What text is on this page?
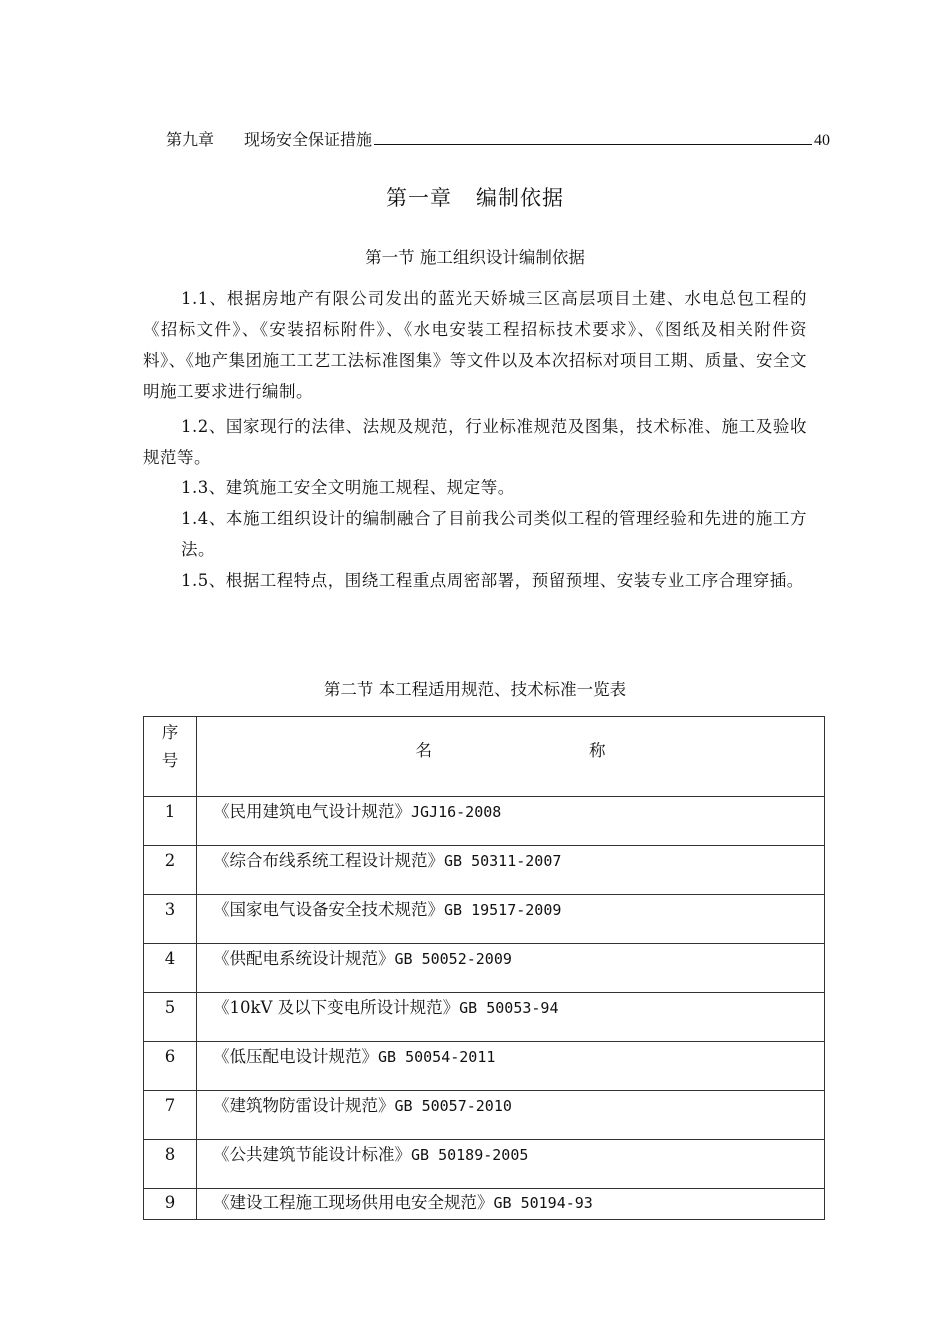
第九章 现场安全保证措施	40
第一章 编制依据
第一节 施工组织设计编制依据
1.1、根据房地产有限公司发出的蓝光天娇城三区高层项目土建、水电总包工程的《招标文件》、《安装招标附件》、《水电安装工程招标技术要求》、《图纸及相关附件资料》、《地产集团施工工艺工法标准图集》等文件以及本次招标对项目工期、质量、安全文明施工要求进行编制。
1.2、国家现行的法律、法规及规范，行业标准规范及图集，技术标准、施工及验收规范等。
1.3、建筑施工安全文明施工规程、规定等。
1.4、本施工组织设计的编制融合了目前我公司类似工程的管理经验和先进的施工方法。
1.5、根据工程特点，围绕工程重点周密部署，预留预埋、安装专业工序合理穿插。
第二节 本工程适用规范、技术标准一览表
序
号	名 称

1	《民用建筑电气设计规范》JGJ16-2008
2	《综合布线系统工程设计规范》GB 50311-2007
3	《国家电气设备安全技术规范》GB 19517-2009
4	《供配电系统设计规范》GB 50052-2009
5	《10kV 及以下变电所设计规范》GB 50053-94
6	《低压配电设计规范》GB 50054-2011
7	《建筑物防雷设计规范》GB 50057-2010
8	《公共建筑节能设计标准》GB 50189-2005
9	《建设工程施工现场供用电安全规范》GB 50194-93
